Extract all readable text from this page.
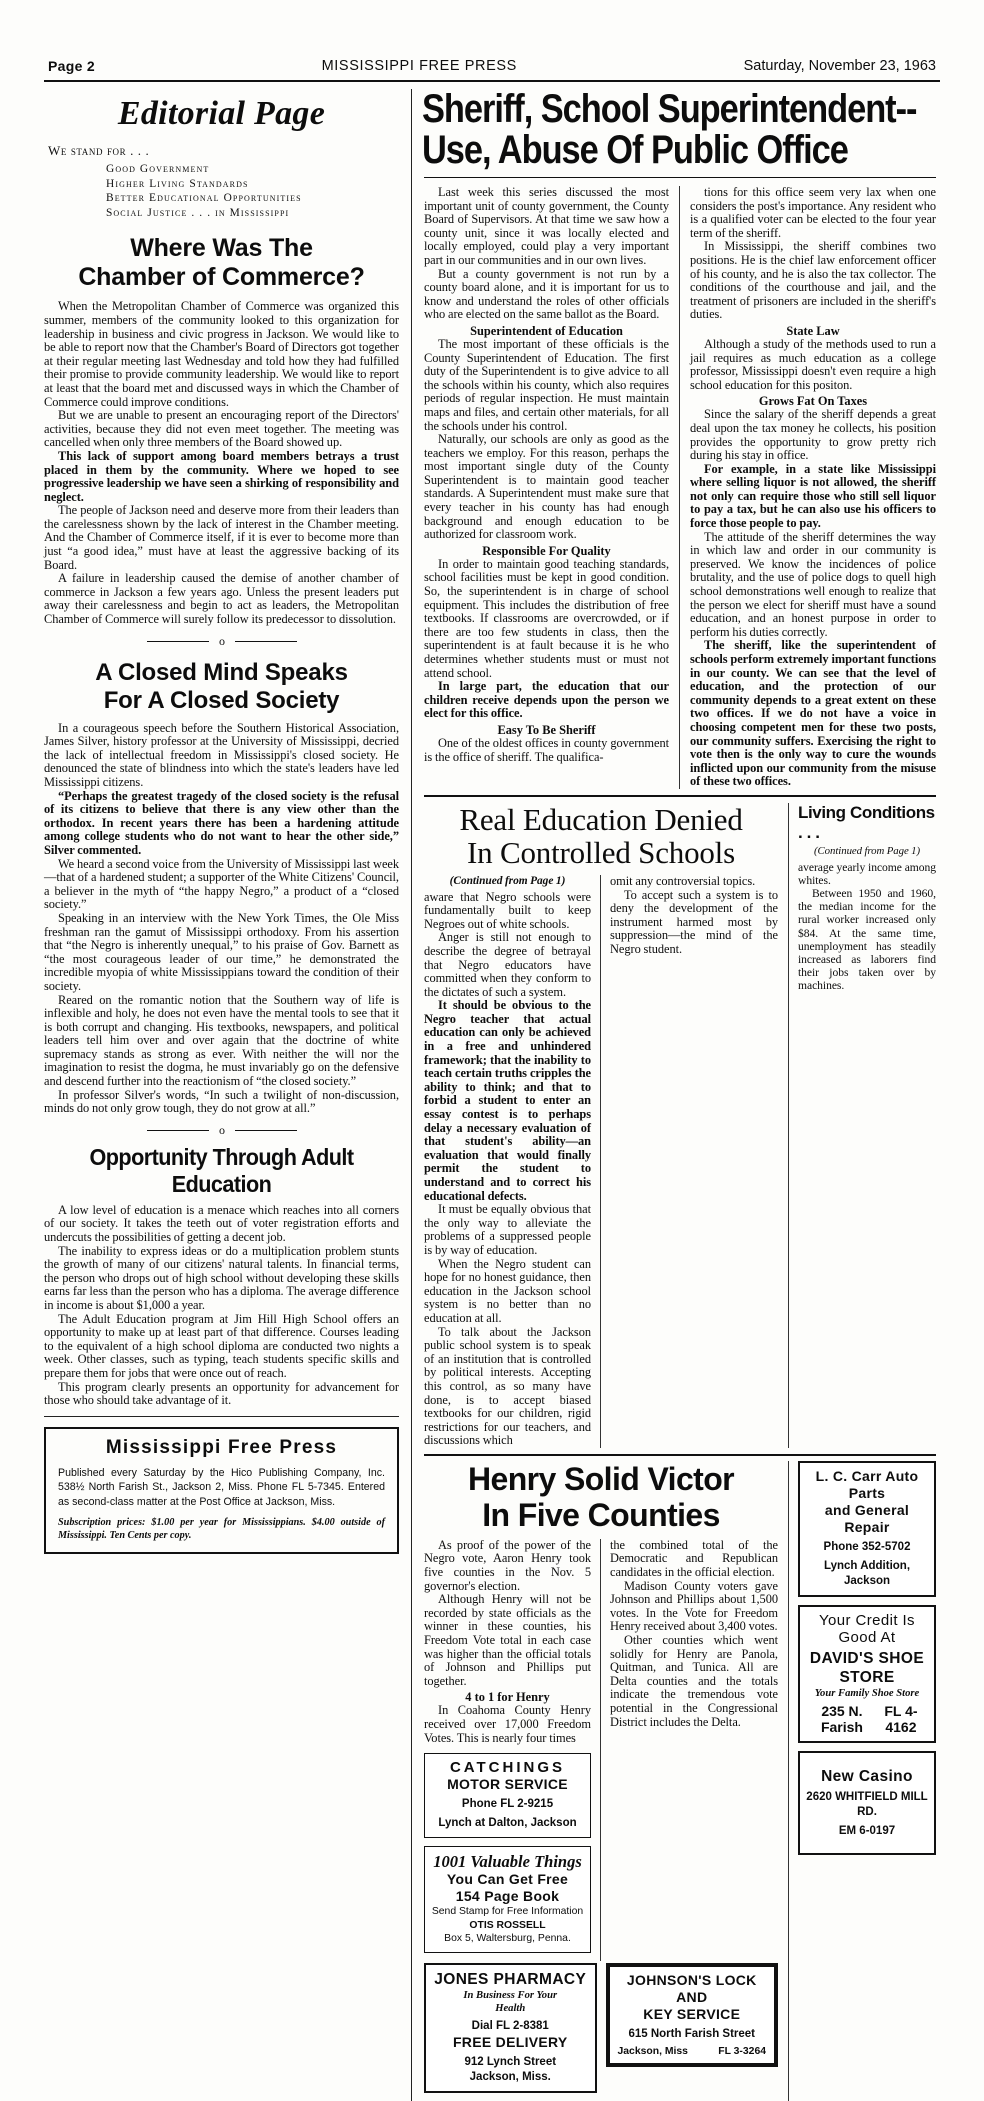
Page 2	MISSISSIPPI FREE PRESS	Saturday, November 23, 1963
Editorial Page
We stand for . . .
Good Government
Higher Living Standards
Better Educational Opportunities
Social Justice . . . in Mississippi
Where Was The
Chamber of Commerce?

When the Metropolitan Chamber of Commerce was organized this summer, members of the community looked to this organization for leadership in business and civic progress in Jackson. We would like to be able to report now that the Chamber's Board of Directors got together at their regular meeting last Wednesday and told how they had fulfilled their promise to provide community leadership. We would like to report at least that the board met and discussed ways in which the Chamber of Commerce could improve conditions.

But we are unable to present an encouraging report of the Directors' activities, because they did not even meet together. The meeting was cancelled when only three members of the Board showed up.

This lack of support among board members betrays a trust placed in them by the community. Where we hoped to see progressive leadership we have seen a shirking of responsibility and neglect.

The people of Jackson need and deserve more from their leaders than the carelessness shown by the lack of interest in the Chamber meeting. And the Chamber of Commerce itself, if it is ever to become more than just “a good idea,” must have at least the aggressive backing of its Board.

A failure in leadership caused the demise of another chamber of commerce in Jackson a few years ago. Unless the present leaders put away their carelessness and begin to act as leaders, the Metropolitan Chamber of Commerce will surely follow its predecessor to dissolution.

o
A Closed Mind Speaks
For A Closed Society

In a courageous speech before the Southern Historical Association, James Silver, history professor at the University of Mississippi, decried the lack of intellectual freedom in Mississippi's closed society. He denounced the state of blindness into which the state's leaders have led Mississippi citizens.

“Perhaps the greatest tragedy of the closed society is the refusal of its citizens to believe that there is any view other than the orthodox. In recent years there has been a hardening attitude among college students who do not want to hear the other side,” Silver commented.

We heard a second voice from the University of Mississippi last week—that of a hardened student; a supporter of the White Citizens' Council, a believer in the myth of “the happy Negro,” a product of a “closed society.”

Speaking in an interview with the New York Times, the Ole Miss freshman ran the gamut of Mississippi orthodoxy. From his assertion that “the Negro is inherently unequal,” to his praise of Gov. Barnett as “the most courageous leader of our time,” he demonstrated the incredible myopia of white Mississippians toward the condition of their society.

Reared on the romantic notion that the Southern way of life is inflexible and holy, he does not even have the mental tools to see that it is both corrupt and changing. His textbooks, newspapers, and political leaders tell him over and over again that the doctrine of white supremacy stands as strong as ever. With neither the will nor the imagination to resist the dogma, he must invariably go on the defensive and descend further into the reactionism of “the closed society.”

In professor Silver's words, “In such a twilight of non-discussion, minds do not only grow tough, they do not grow at all.”

o
Opportunity Through Adult Education

A low level of education is a menace which reaches into all corners of our society. It takes the teeth out of voter registration efforts and undercuts the possibilities of getting a decent job.

The inability to express ideas or do a multiplication problem stunts the growth of many of our citizens' natural talents. In financial terms, the person who drops out of high school without developing these skills earns far less than the person who has a diploma. The average difference in income is about $1,000 a year.

The Adult Education program at Jim Hill High School offers an opportunity to make up at least part of that difference. Courses leading to the equivalent of a high school diploma are conducted two nights a week. Other classes, such as typing, teach students specific skills and prepare them for jobs that were once out of reach.

This program clearly presents an opportunity for advancement for those who should take advantage of it.

Mississippi Free Press
Published every Saturday by the Hico Publishing Company, Inc. 538½ North Farish St., Jackson 2, Miss. Phone FL 5-7345. Entered as second-class matter at the Post Office at Jackson, Miss.
Subscription prices: $1.00 per year for Mississippians. $4.00 outside of Mississippi. Ten Cents per copy.
Sheriff, School Superintendent--
Use, Abuse Of Public Office

Last week this series discussed the most important unit of county government, the County Board of Supervisors. At that time we saw how a county unit, since it was locally elected and locally employed, could play a very important part in our communities and in our own lives.

But a county government is not run by a county board alone, and it is important for us to know and understand the roles of other officials who are elected on the same ballot as the Board.

Superintendent of Education

The most important of these officials is the County Superintendent of Education. The first duty of the Superintendent is to give advice to all the schools within his county, which also requires periods of regular inspection. He must maintain maps and files, and certain other materials, for all the schools under his control.

Naturally, our schools are only as good as the teachers we employ. For this reason, perhaps the most important single duty of the County Superintendent is to maintain good teacher standards. A Superintendent must make sure that every teacher in his county has had enough background and enough education to be authorized for classroom work.

Responsible For Quality

In order to maintain good teaching standards, school facilities must be kept in good condition. So, the superintendent is in charge of school equipment. This includes the distribution of free textbooks. If classrooms are overcrowded, or if there are too few students in class, then the superintendent is at fault because it is he who determines whether students must or must not attend school.

In large part, the education that our children receive depends upon the person we elect for this office.

Easy To Be Sheriff

One of the oldest offices in county government is the office of sheriff. The qualifica-

tions for this office seem very lax when one considers the post's importance. Any resident who is a qualified voter can be elected to the four year term of the sheriff.

In Mississippi, the sheriff combines two positions. He is the chief law enforcement officer of his county, and he is also the tax collector. The conditions of the courthouse and jail, and the treatment of prisoners are included in the sheriff's duties.

State Law

Although a study of the methods used to run a jail requires as much education as a college professor, Mississippi doesn't even require a high school education for this positon.

Grows Fat On Taxes

Since the salary of the sheriff depends a great deal upon the tax money he collects, his position provides the opportunity to grow pretty rich during his stay in office.

For example, in a state like Mississippi where selling liquor is not allowed, the sheriff not only can require those who still sell liquor to pay a tax, but he can also use his officers to force those people to pay.

The attitude of the sheriff determines the way in which law and order in our community is preserved. We know the incidences of police brutality, and the use of police dogs to quell high school demonstrations well enough to realize that the person we elect for sheriff must have a sound education, and an honest purpose in order to perform his duties correctly.

The sheriff, like the superintendent of schools perform extremely important functions in our county. We can see that the level of education, and the protection of our community depends to a great extent on these two offices. If we do not have a voice in choosing competent men for these two posts, our community suffers. Exercising the right to vote then is the only way to cure the wounds inflicted upon our community from the misuse of these two offices.

Real Education Denied
In Controlled Schools

(Continued from Page 1)

aware that Negro schools were fundamentally built to keep Negroes out of white schools.

Anger is still not enough to describe the degree of betrayal that Negro educators have committed when they conform to the dictates of such a system.

It should be obvious to the Negro teacher that actual education can only be achieved in a free and unhindered framework; that the inability to teach certain truths cripples the ability to think; and that to forbid a student to enter an essay contest is to perhaps delay a necessary evaluation of that student's ability—an evaluation that would finally permit the student to understand and to correct his educational defects.

It must be equally obvious that the only way to alleviate the problems of a suppressed people is by way of education.

When the Negro student can hope for no honest guidance, then education in the Jackson school system is no better than no education at all.

To talk about the Jackson public school system is to speak of an institution that is controlled by political interests. Accepting this control, as so many have done, is to accept biased textbooks for our children, rigid restrictions for our teachers, and discussions which

omit any controversial topics.

To accept such a system is to deny the development of the instrument harmed most by suppression—the mind of the Negro student.

Living Conditions . . .

(Continued from Page 1)

average yearly income among whites.

Between 1950 and 1960, the median income for the rural worker increased only $84. At the same time, unemployment has steadily increased as laborers find their jobs taken over by machines.

Henry Solid Victor
In Five Counties

As proof of the power of the Negro vote, Aaron Henry took five counties in the Nov. 5 governor's election.

Although Henry will not be recorded by state officials as the winner in these counties, his Freedom Vote total in each case was higher than the official totals of Johnson and Phillips put together.

4 to 1 for Henry

In Coahoma County Henry received over 17,000 Freedom Votes. This is nearly four times

CATCHINGS
MOTOR SERVICE
Phone FL 2-9215
Lynch at Dalton, Jackson
1001 Valuable Things
You Can Get Free
154 Page Book
Send Stamp for Free Information
OTIS ROSSELL
Box 5, Waltersburg, Penna.

the combined total of the Democratic and Republican candidates in the official election.

Madison County voters gave Johnson and Phillips about 1,500 votes. In the Vote for Freedom Henry received about 3,400 votes.

Other counties which went solidly for Henry are Panola, Quitman, and Tunica. All are Delta counties and the totals indicate the tremendous vote potential in the Congressional District includes the Delta.

JONES PHARMACY
In Business For Your
Health
Dial FL 2-8381
FREE DELIVERY
912 Lynch Street
Jackson, Miss.
JOHNSON'S LOCK AND
KEY SERVICE
615 North Farish Street
Jackson, Miss	FL 3-3264
L. C. Carr Auto Parts
and General Repair
Phone 352-5702
Lynch Addition, Jackson
Your Credit Is Good At
DAVID'S SHOE STORE
Your Family Shoe Store
235 N. Farish
FL 4-4162
New Casino
2620 WHITFIELD MILL RD.
EM 6-0197
